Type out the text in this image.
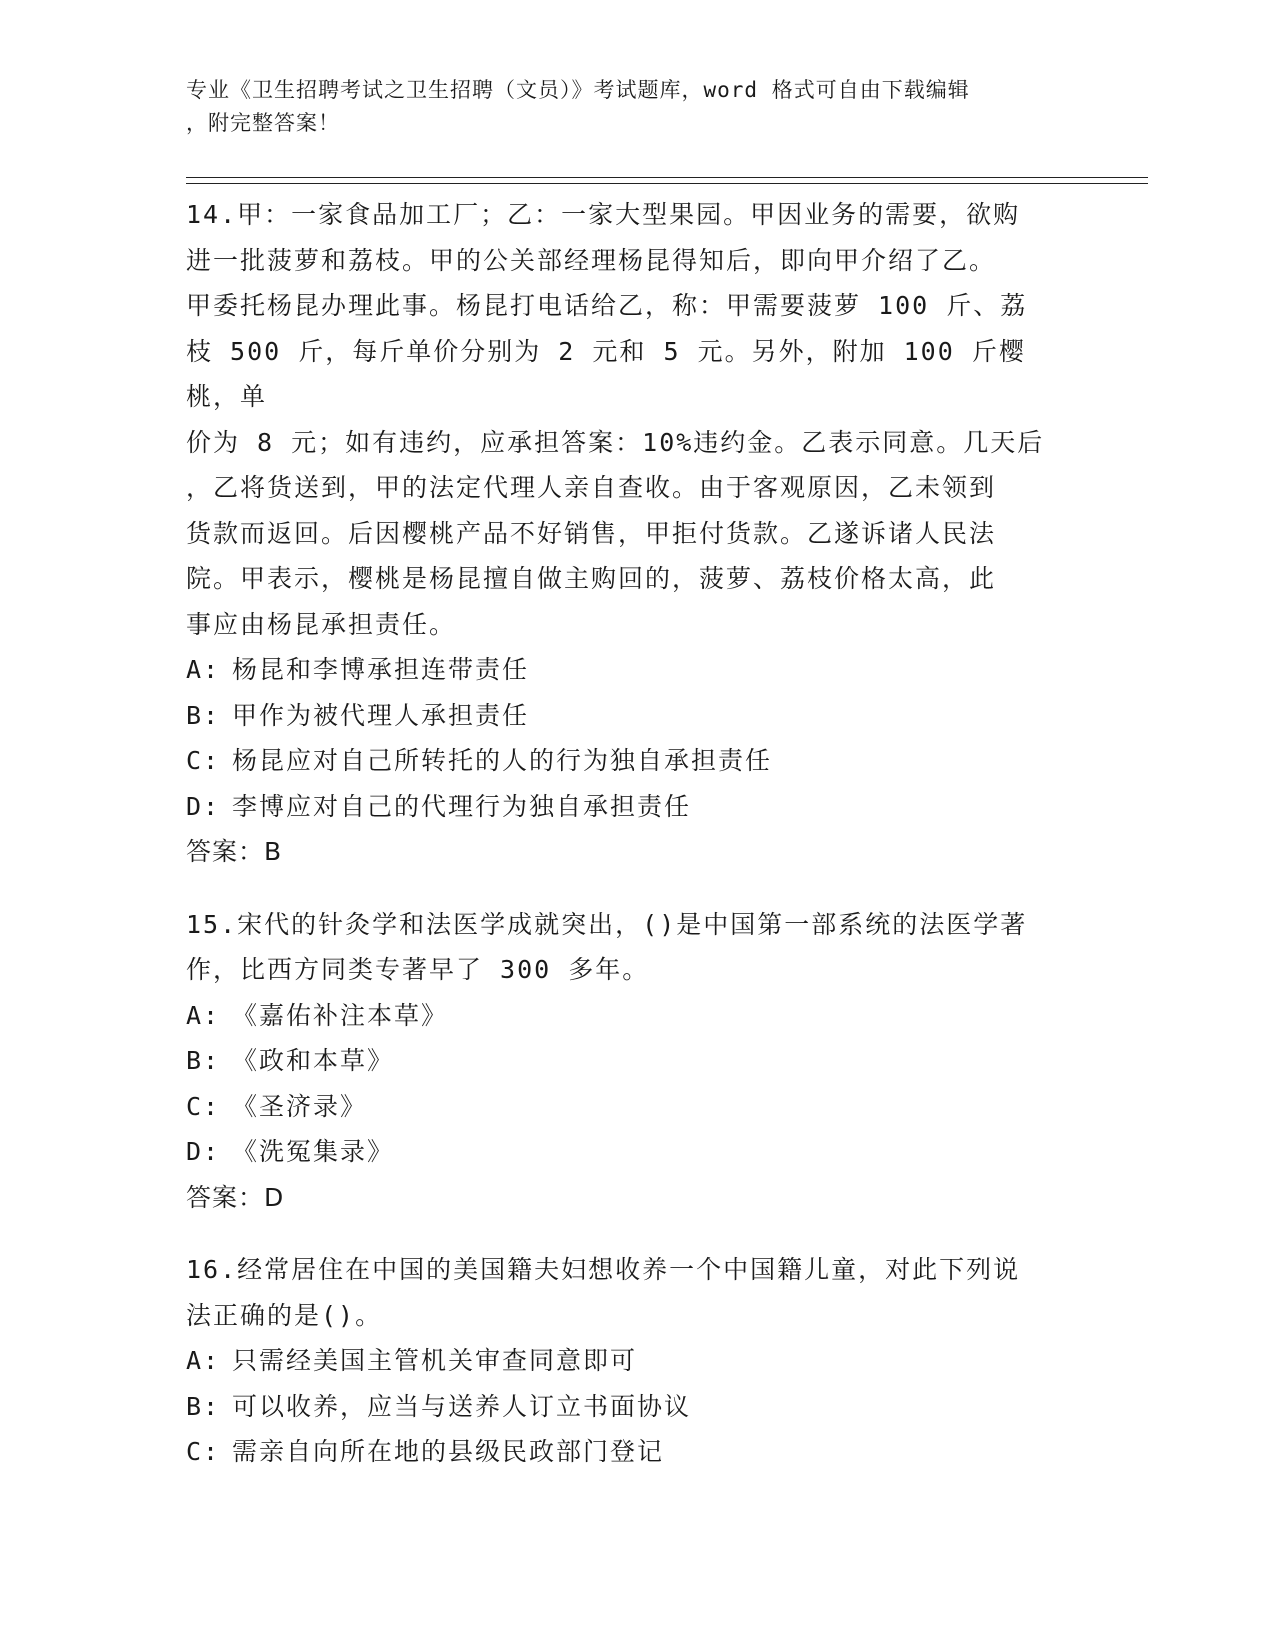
专业《卫生招聘考试之卫生招聘（文员）》考试题库，word 格式可自由下载编辑
，附完整答案！
14.甲：一家食品加工厂；乙：一家大型果园。甲因业务的需要，欲购
进一批菠萝和荔枝。甲的公关部经理杨昆得知后，即向甲介绍了乙。
甲委托杨昆办理此事。杨昆打电话给乙，称：甲需要菠萝 100 斤、荔
枝 500 斤，每斤单价分别为 2 元和 5 元。另外，附加 100 斤樱桃，单
价为 8 元；如有违约，应承担答案：10%违约金。乙表示同意。几天后
，乙将货送到，甲的法定代理人亲自查收。由于客观原因，乙未领到
货款而返回。后因樱桃产品不好销售，甲拒付货款。乙遂诉诸人民法
院。甲表示，樱桃是杨昆擅自做主购回的，菠萝、荔枝价格太高，此
事应由杨昆承担责任。
A: 杨昆和李博承担连带责任
B: 甲作为被代理人承担责任
C: 杨昆应对自己所转托的人的行为独自承担责任
D: 李博应对自己的代理行为独自承担责任
答案：B
15.宋代的针灸学和法医学成就突出，()是中国第一部系统的法医学著
作，比西方同类专著早了 300 多年。
A: 《嘉佑补注本草》
B: 《政和本草》
C: 《圣济录》
D: 《洗冤集录》
答案：D
16.经常居住在中国的美国籍夫妇想收养一个中国籍儿童，对此下列说
法正确的是()。
A: 只需经美国主管机关审查同意即可
B: 可以收养，应当与送养人订立书面协议
C: 需亲自向所在地的县级民政部门登记
